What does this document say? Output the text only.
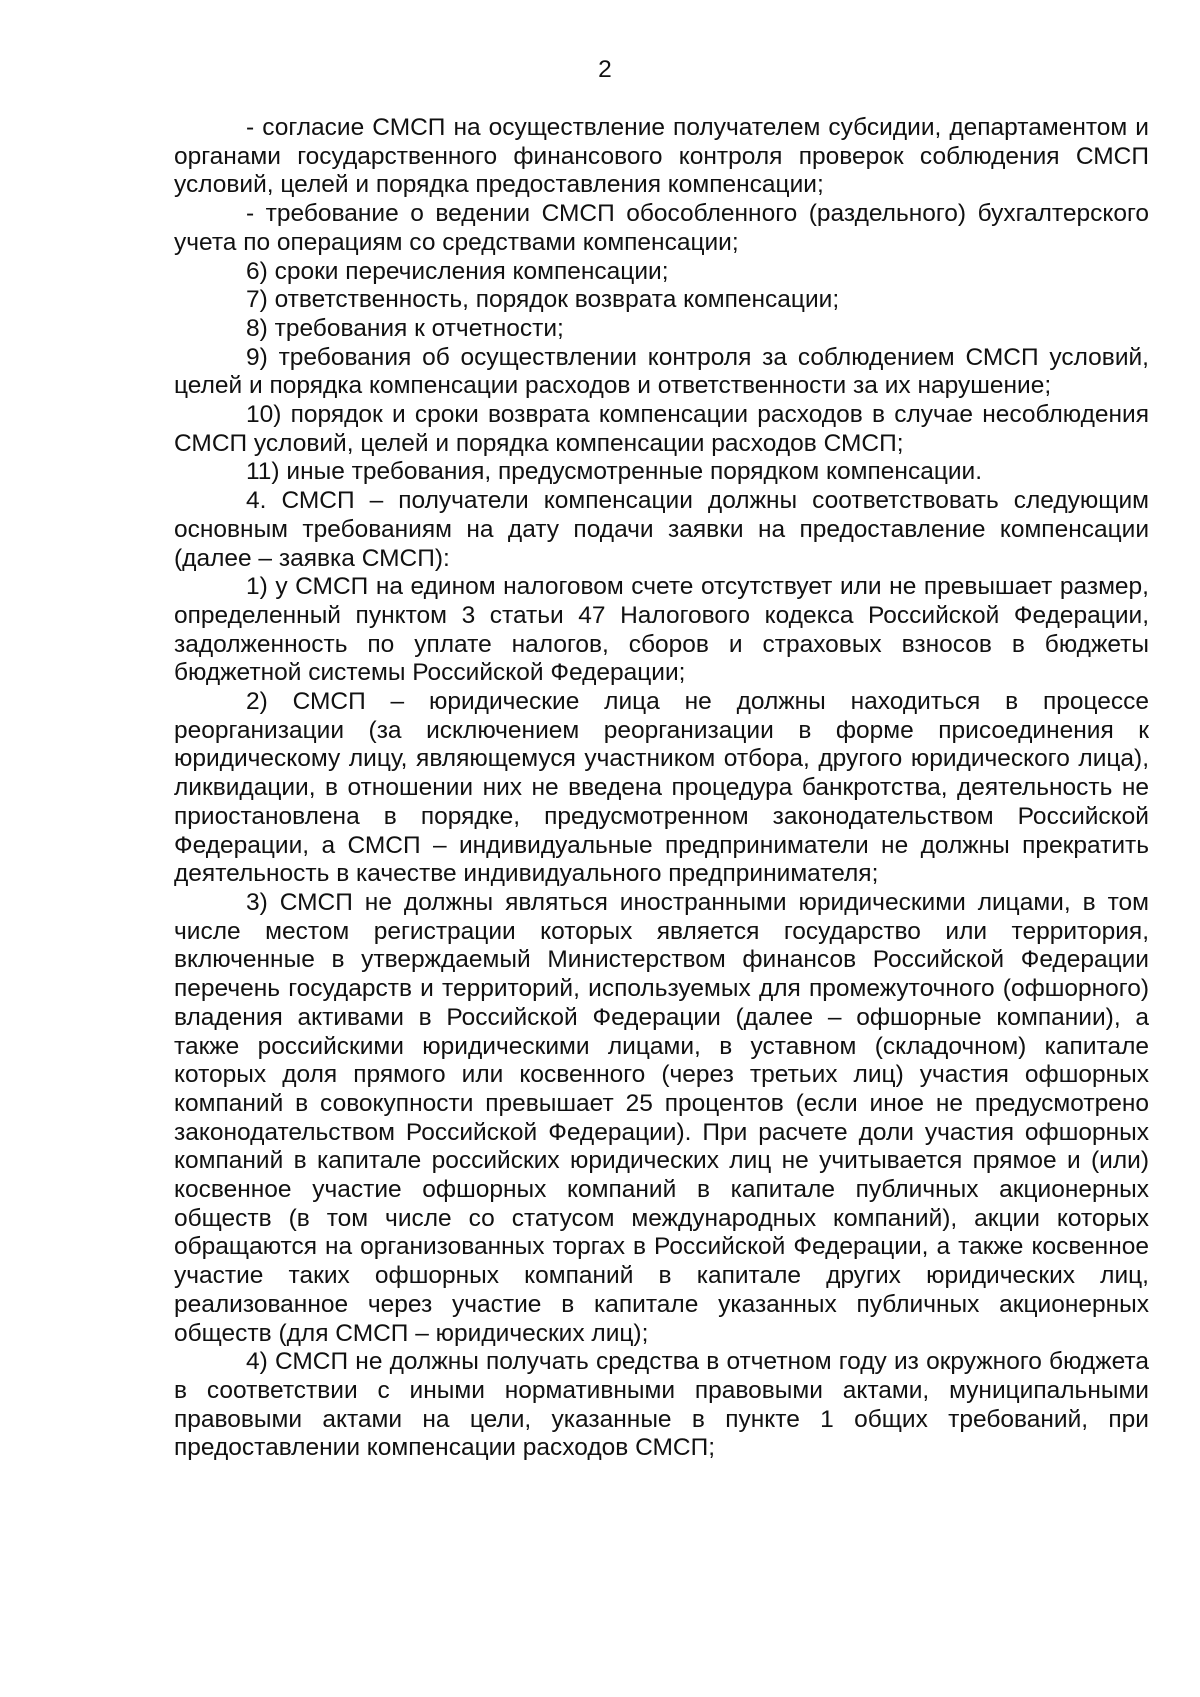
2

- согласие СМСП на осуществление получателем субсидии, департаментом и органами государственного финансового контроля проверок соблюдения СМСП условий, целей и порядка предоставления компенсации;

- требование о ведении СМСП обособленного (раздельного) бухгалтерского учета по операциям со средствами компенсации;

6) сроки перечисления компенсации;

7) ответственность, порядок возврата компенсации;

8) требования к отчетности;

9) требования об осуществлении контроля за соблюдением СМСП условий, целей и порядка компенсации расходов и ответственности за их нарушение;

10) порядок и сроки возврата компенсации расходов в случае несоблюдения СМСП условий, целей и порядка компенсации расходов СМСП;

11) иные требования, предусмотренные порядком компенсации.

4. СМСП – получатели компенсации должны соответствовать следующим основным требованиям на дату подачи заявки на предоставление компенсации (далее – заявка СМСП):

1) у СМСП на едином налоговом счете отсутствует или не превышает размер, определенный пунктом 3 статьи 47 Налогового кодекса Российской Федерации, задолженность по уплате налогов, сборов и страховых взносов в бюджеты бюджетной системы Российской Федерации;

2) СМСП – юридические лица не должны находиться в процессе реорганизации (за исключением реорганизации в форме присоединения к юридическому лицу, являющемуся участником отбора, другого юридического лица), ликвидации, в отношении них не введена процедура банкротства, деятельность не приостановлена в порядке, предусмотренном законодательством Российской Федерации, а СМСП – индивидуальные предприниматели не должны прекратить деятельность в качестве индивидуального предпринимателя;

3) СМСП не должны являться иностранными юридическими лицами, в том числе местом регистрации которых является государство или территория, включенные в утверждаемый Министерством финансов Российской Федерации перечень государств и территорий, используемых для промежуточного (офшорного) владения активами в Российской Федерации (далее – офшорные компании), а также российскими юридическими лицами, в уставном (складочном) капитале которых доля прямого или косвенного (через третьих лиц) участия офшорных компаний в совокупности превышает 25 процентов (если иное не предусмотрено законодательством Российской Федерации). При расчете доли участия офшорных компаний в капитале российских юридических лиц не учитывается прямое и (или) косвенное участие офшорных компаний в капитале публичных акционерных обществ (в том числе со статусом международных компаний), акции которых обращаются на организованных торгах в Российской Федерации, а также косвенное участие таких офшорных компаний в капитале других юридических лиц, реализованное через участие в капитале указанных публичных акционерных обществ (для СМСП – юридических лиц);

4) СМСП не должны получать средства в отчетном году из окружного бюджета в соответствии с иными нормативными правовыми актами, муниципальными правовыми актами на цели, указанные в пункте 1 общих требований, при предоставлении компенсации расходов СМСП;
